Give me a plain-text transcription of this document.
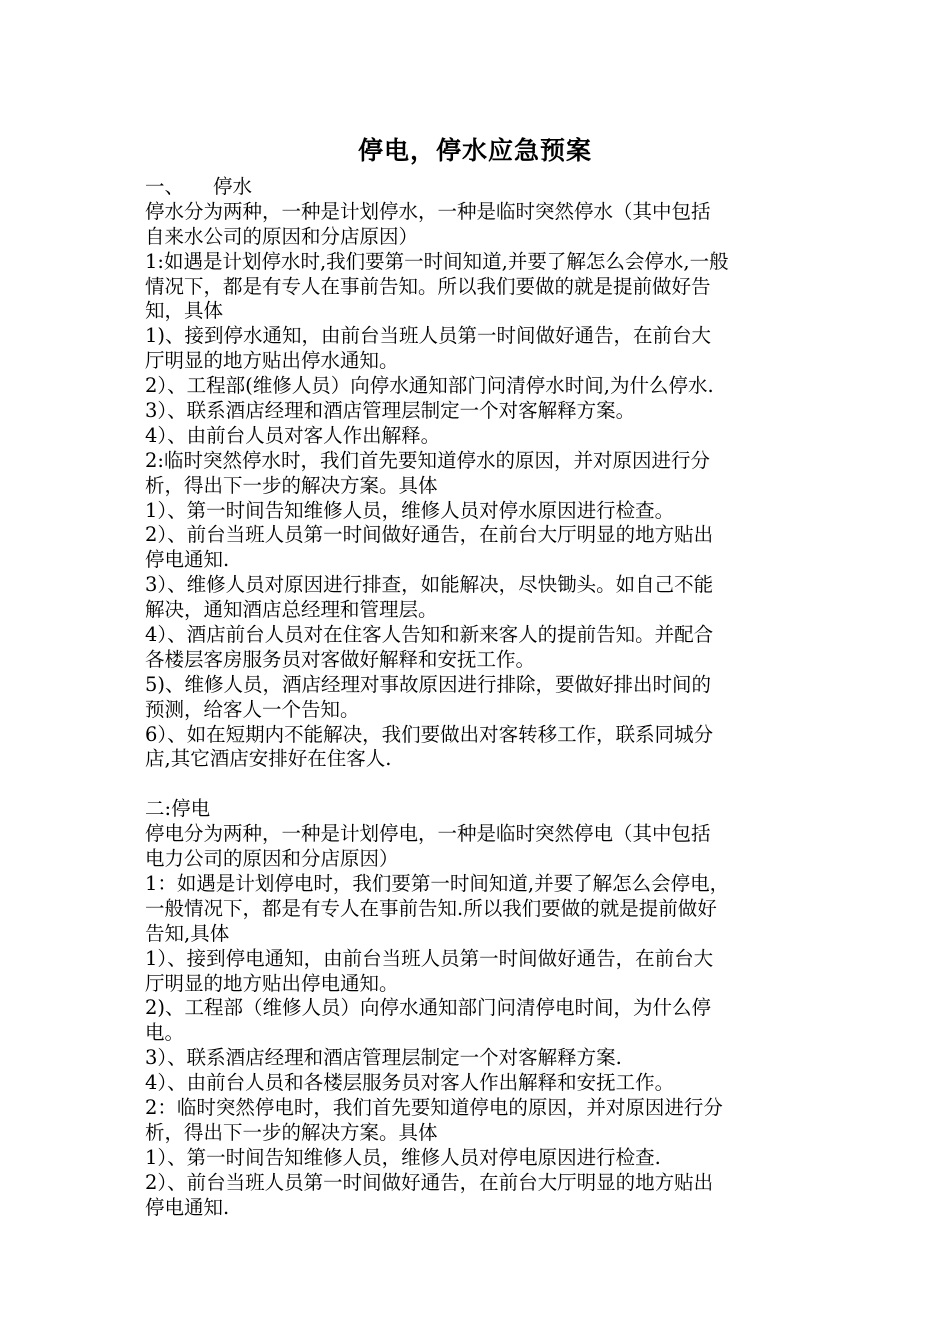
停电，停水应急预案
一、 停水
停水分为两种，一种是计划停水，一种是临时突然停水（其中包括
自来水公司的原因和分店原因）
1:如遇是计划停水时,我们要第一时间知道,并要了解怎么会停水,一般
情况下，都是有专人在事前告知。所以我们要做的就是提前做好告
知，具体
1)、接到停水通知，由前台当班人员第一时间做好通告，在前台大
厅明显的地方贴出停水通知。
2）、工程部(维修人员）向停水通知部门问清停水时间,为什么停水.
3）、联系酒店经理和酒店管理层制定一个对客解释方案。
4）、由前台人员对客人作出解释。
2:临时突然停水时，我们首先要知道停水的原因，并对原因进行分
析，得出下一步的解决方案。具体
1）、第一时间告知维修人员，维修人员对停水原因进行检查。
2）、前台当班人员第一时间做好通告，在前台大厅明显的地方贴出
停电通知.
3）、维修人员对原因进行排查，如能解决，尽快锄头。如自己不能
解决，通知酒店总经理和管理层。
4）、酒店前台人员对在住客人告知和新来客人的提前告知。并配合
各楼层客房服务员对客做好解释和安抚工作。
5)、维修人员，酒店经理对事故原因进行排除，要做好排出时间的
预测，给客人一个告知。
6）、如在短期内不能解决，我们要做出对客转移工作，联系同城分
店,其它酒店安排好在住客人.
二:停电
停电分为两种，一种是计划停电，一种是临时突然停电（其中包括
电力公司的原因和分店原因）
1：如遇是计划停电时，我们要第一时间知道,并要了解怎么会停电，
一般情况下，都是有专人在事前告知.所以我们要做的就是提前做好
告知,具体
1）、接到停电通知，由前台当班人员第一时间做好通告，在前台大
厅明显的地方贴出停电通知。
2)、工程部（维修人员）向停水通知部门问清停电时间，为什么停
电。
3）、联系酒店经理和酒店管理层制定一个对客解释方案.
4）、由前台人员和各楼层服务员对客人作出解释和安抚工作。
2：临时突然停电时，我们首先要知道停电的原因，并对原因进行分
析，得出下一步的解决方案。具体
1）、第一时间告知维修人员，维修人员对停电原因进行检查.
2）、前台当班人员第一时间做好通告，在前台大厅明显的地方贴出
停电通知.
